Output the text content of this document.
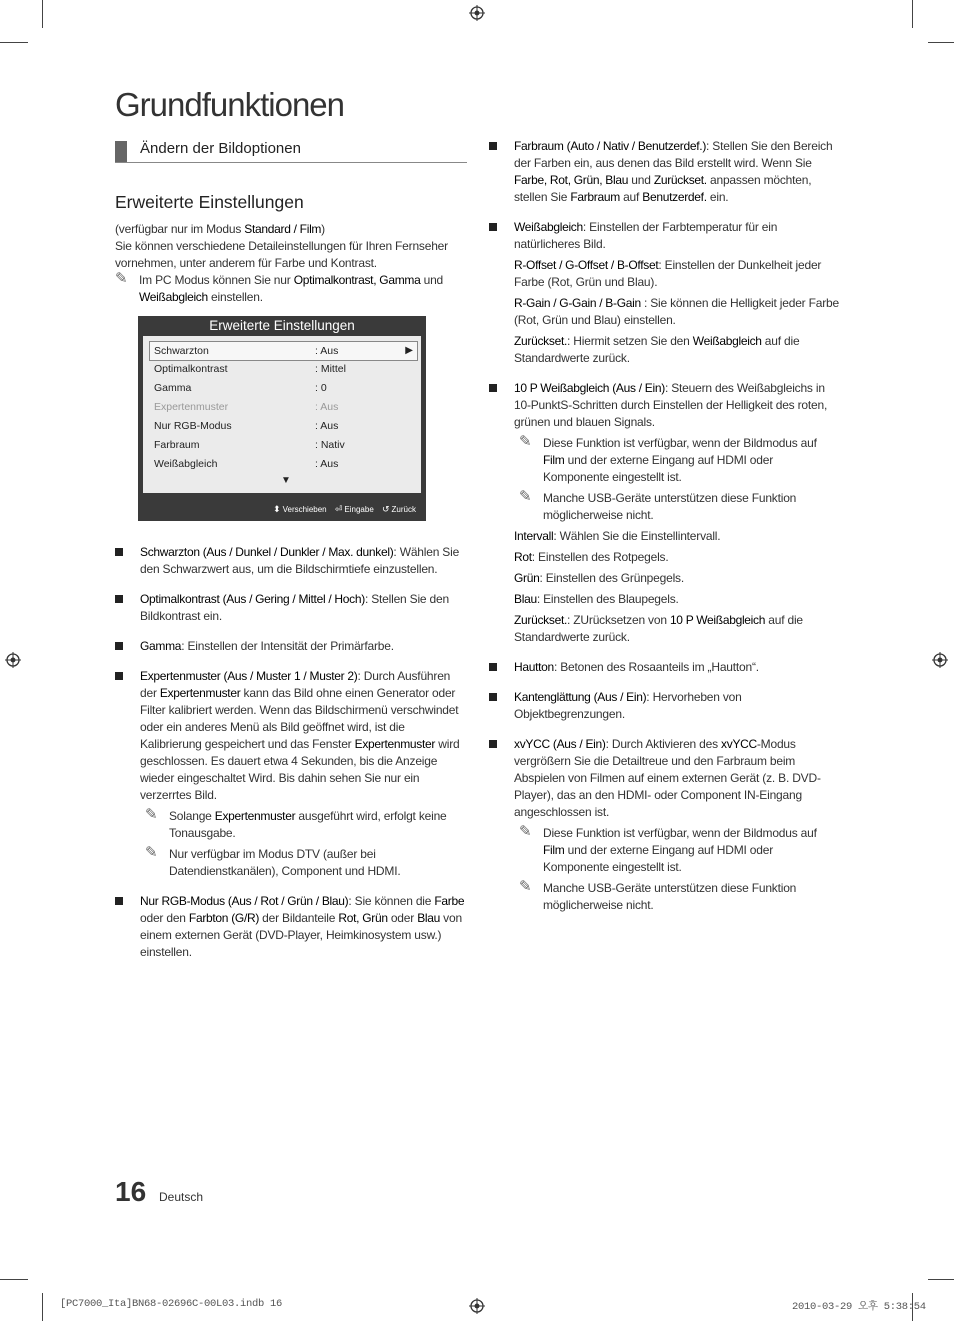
Grundfunktionen
Ändern der Bildoptionen
Erweiterte Einstellungen

(verfügbar nur im Modus Standard / Film)

Sie können verschiedene Detaileinstellungen für Ihren Fernseher vornehmen, unter anderem für Farbe und Kontrast.

✎ Im PC Modus können Sie nur Optimalkontrast, Gamma und Weißabgleich einstellen.
Erweiterte Einstellungen
Schwarzton	: Aus	▶
Optimalkontrast	: Mittel
Gamma	: 0
Expertenmuster	: Aus
Nur RGB-Modus	: Aus
Farbraum	: Nativ
Weißabgleich	: Aus
▼
⬍ Verschieben ⏎ Eingabe ↺ Zurück
Schwarzton (Aus / Dunkel / Dunkler / Max. dunkel): Wählen Sie den Schwarzwert aus, um die Bildschirmtiefe einzustellen.
Optimalkontrast (Aus / Gering / Mittel / Hoch): Stellen Sie den Bildkontrast ein.
Gamma: Einstellen der Intensität der Primärfarbe.
Expertenmuster (Aus / Muster 1 / Muster 2): Durch Ausführen der Expertenmuster kann das Bild ohne einen Generator oder Filter kalibriert werden. Wenn das Bildschirmenü verschwindet oder ein anderes Menü als Bild geöffnet wird, ist die Kalibrierung gespeichert und das Fenster Expertenmuster wird geschlossen. Es dauert etwa 4 Sekunden, bis die Anzeige wieder eingeschaltet Wird. Bis dahin sehen Sie nur ein verzerrtes Bild.
✎ Solange Expertenmuster ausgeführt wird, erfolgt keine Tonausgabe.
✎ Nur verfügbar im Modus DTV (außer bei Datendienstkanälen), Component und HDMI.
Nur RGB-Modus (Aus / Rot / Grün / Blau): Sie können die Farbe oder den Farbton (G/R) der Bildanteile Rot, Grün oder Blau von einem externen Gerät (DVD-Player, Heimkinosystem usw.) einstellen.
Farbraum (Auto / Nativ / Benutzerdef.): Stellen Sie den Bereich der Farben ein, aus denen das Bild erstellt wird. Wenn Sie Farbe, Rot, Grün, Blau und Zurückset. anpassen möchten, stellen Sie Farbraum auf Benutzerdef. ein.
Weißabgleich: Einstellen der Farbtemperatur für ein natürlicheres Bild.

R-Offset / G-Offset / B-Offset: Einstellen der Dunkelheit jeder Farbe (Rot, Grün und Blau).

R-Gain / G-Gain / B-Gain : Sie können die Helligkeit jeder Farbe (Rot, Grün und Blau) einstellen.

Zurückset.: Hiermit setzen Sie den Weißabgleich auf die Standardwerte zurück.

10 P Weißabgleich (Aus / Ein): Steuern des Weißabgleichs in 10-PunktS-Schritten durch Einstellen der Helligkeit des roten, grünen und blauen Signals.
✎ Diese Funktion ist verfügbar, wenn der Bildmodus auf Film und der externe Eingang auf HDMI oder Komponente eingestellt ist.
✎ Manche USB-Geräte unterstützen diese Funktion möglicherweise nicht.

Intervall: Wählen Sie die Einstellintervall.

Rot: Einstellen des Rotpegels.

Grün: Einstellen des Grünpegels.

Blau: Einstellen des Blaupegels.

Zurückset.: ZUrücksetzen von 10 P Weißabgleich auf die Standardwerte zurück.

Hautton: Betonen des Rosaanteils im „Hautton“.
Kantenglättung (Aus / Ein): Hervorheben von Objektbegrenzungen.
xvYCC (Aus / Ein): Durch Aktivieren des xvYCC-Modus vergrößern Sie die Detailtreue und den Farbraum beim Abspielen von Filmen auf einem externen Gerät (z. B. DVD-Player), das an den HDMI- oder Component IN-Eingang angeschlossen ist.
✎ Diese Funktion ist verfügbar, wenn der Bildmodus auf Film und der externe Eingang auf HDMI oder Komponente eingestellt ist.
✎ Manche USB-Geräte unterstützen diese Funktion möglicherweise nicht.
16 Deutsch
[PC7000_Ita]BN68-02696C-00L03.indb 16	2010-03-29 오후 5:38:54
